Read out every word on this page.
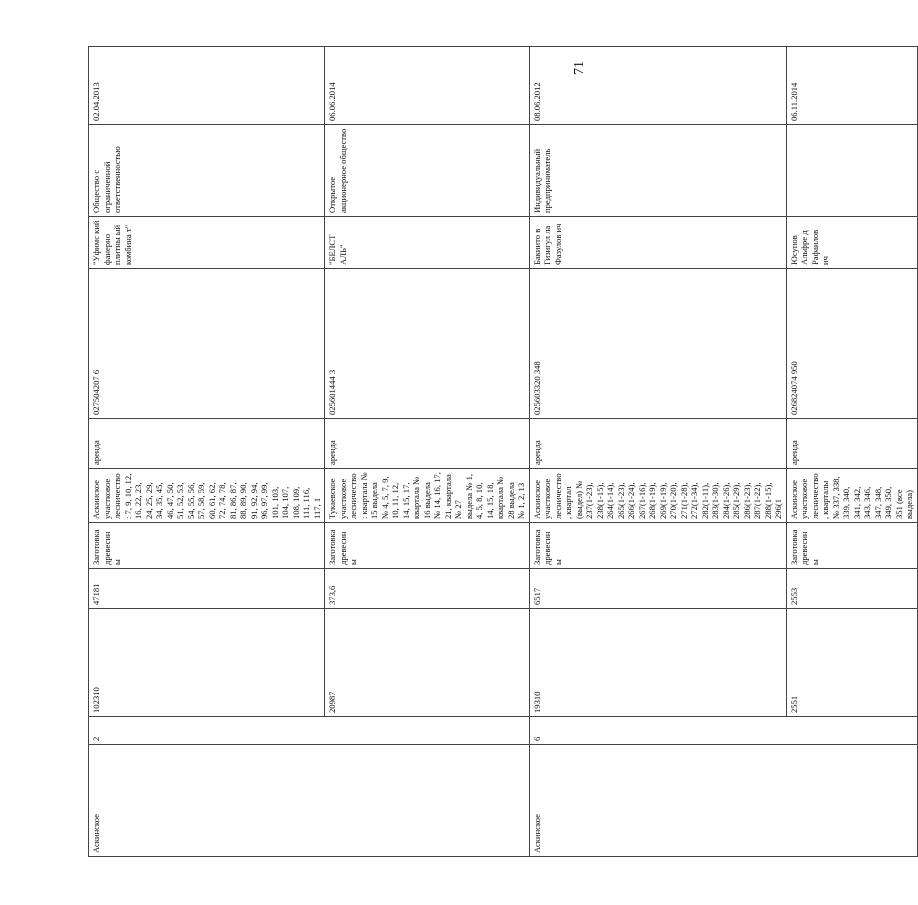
71
Аскинское	2	102310	47181	Заготовка древесины	Аскинское участковое лесничество: 7, 9, 10, 12, 16, 22, 23, 24, 25, 29, 34, 35, 45, 46, 47, 50, 51, 52, 53, 54, 55, 56, 57, 58, 59, 60, 61, 62, 72, 74, 78, 81, 86, 87, 88, 89, 90, 91, 92, 94, 96, 97, 99, 101, 103, 104, 107, 108, 109, 111, 116, 117, 1	аренда	027504207 6	"Уфимс кий фанерно плитны ый комбина т"	Общество с ограниченной ответственностью	02.04.2013
		20987	373,6	Заготовка древесины	Тукаевское участковое лесничество: квартала № 15 выдела № 4, 5, 7, 9, 10, 11, 12, 14, 15, 17, квартала № 16 выдела № 14, 16, 17, 21, квартала № 27 выдела № 1, 4, 5, 8, 10, 14, 15, 18, квартала № 28 выдела № 1, 2, 13	аренда	025601444 3	"БЕЛСТ АЛЬ"	Открытое акционерное общество	06.06.2014
Аскинское	6	19310	6517	Заготовка древесины	Аскинское участковое лесничество, квартал (выдел) № 237(1-23), 238(1-15), 264(1-14), 265(1-23), 266(1-24), 267(1-16), 268(1-19), 269(1-19), 270(1-20), 271(1-28), 272(1-34), 282(1-11), 283(1-30), 284(1-26), 285(1-29), 286(1-23), 287(1-22), 288(1-15), 296(1	аренда	025603320 348	Бакиито в Гизигул ла Фазулов ич	Индивидуальный предприниматель	08.06.2012
		2551	2553	Заготовка древесины	Аскинское участковое лесничество, кварталы № 337, 338, 339, 340, 341, 342, 343, 346, 347, 348, 349, 350, 351 (все выдела)	аренда	026824074 950	Юсупов Альфре д Рафаилов ич		06.11.2014
